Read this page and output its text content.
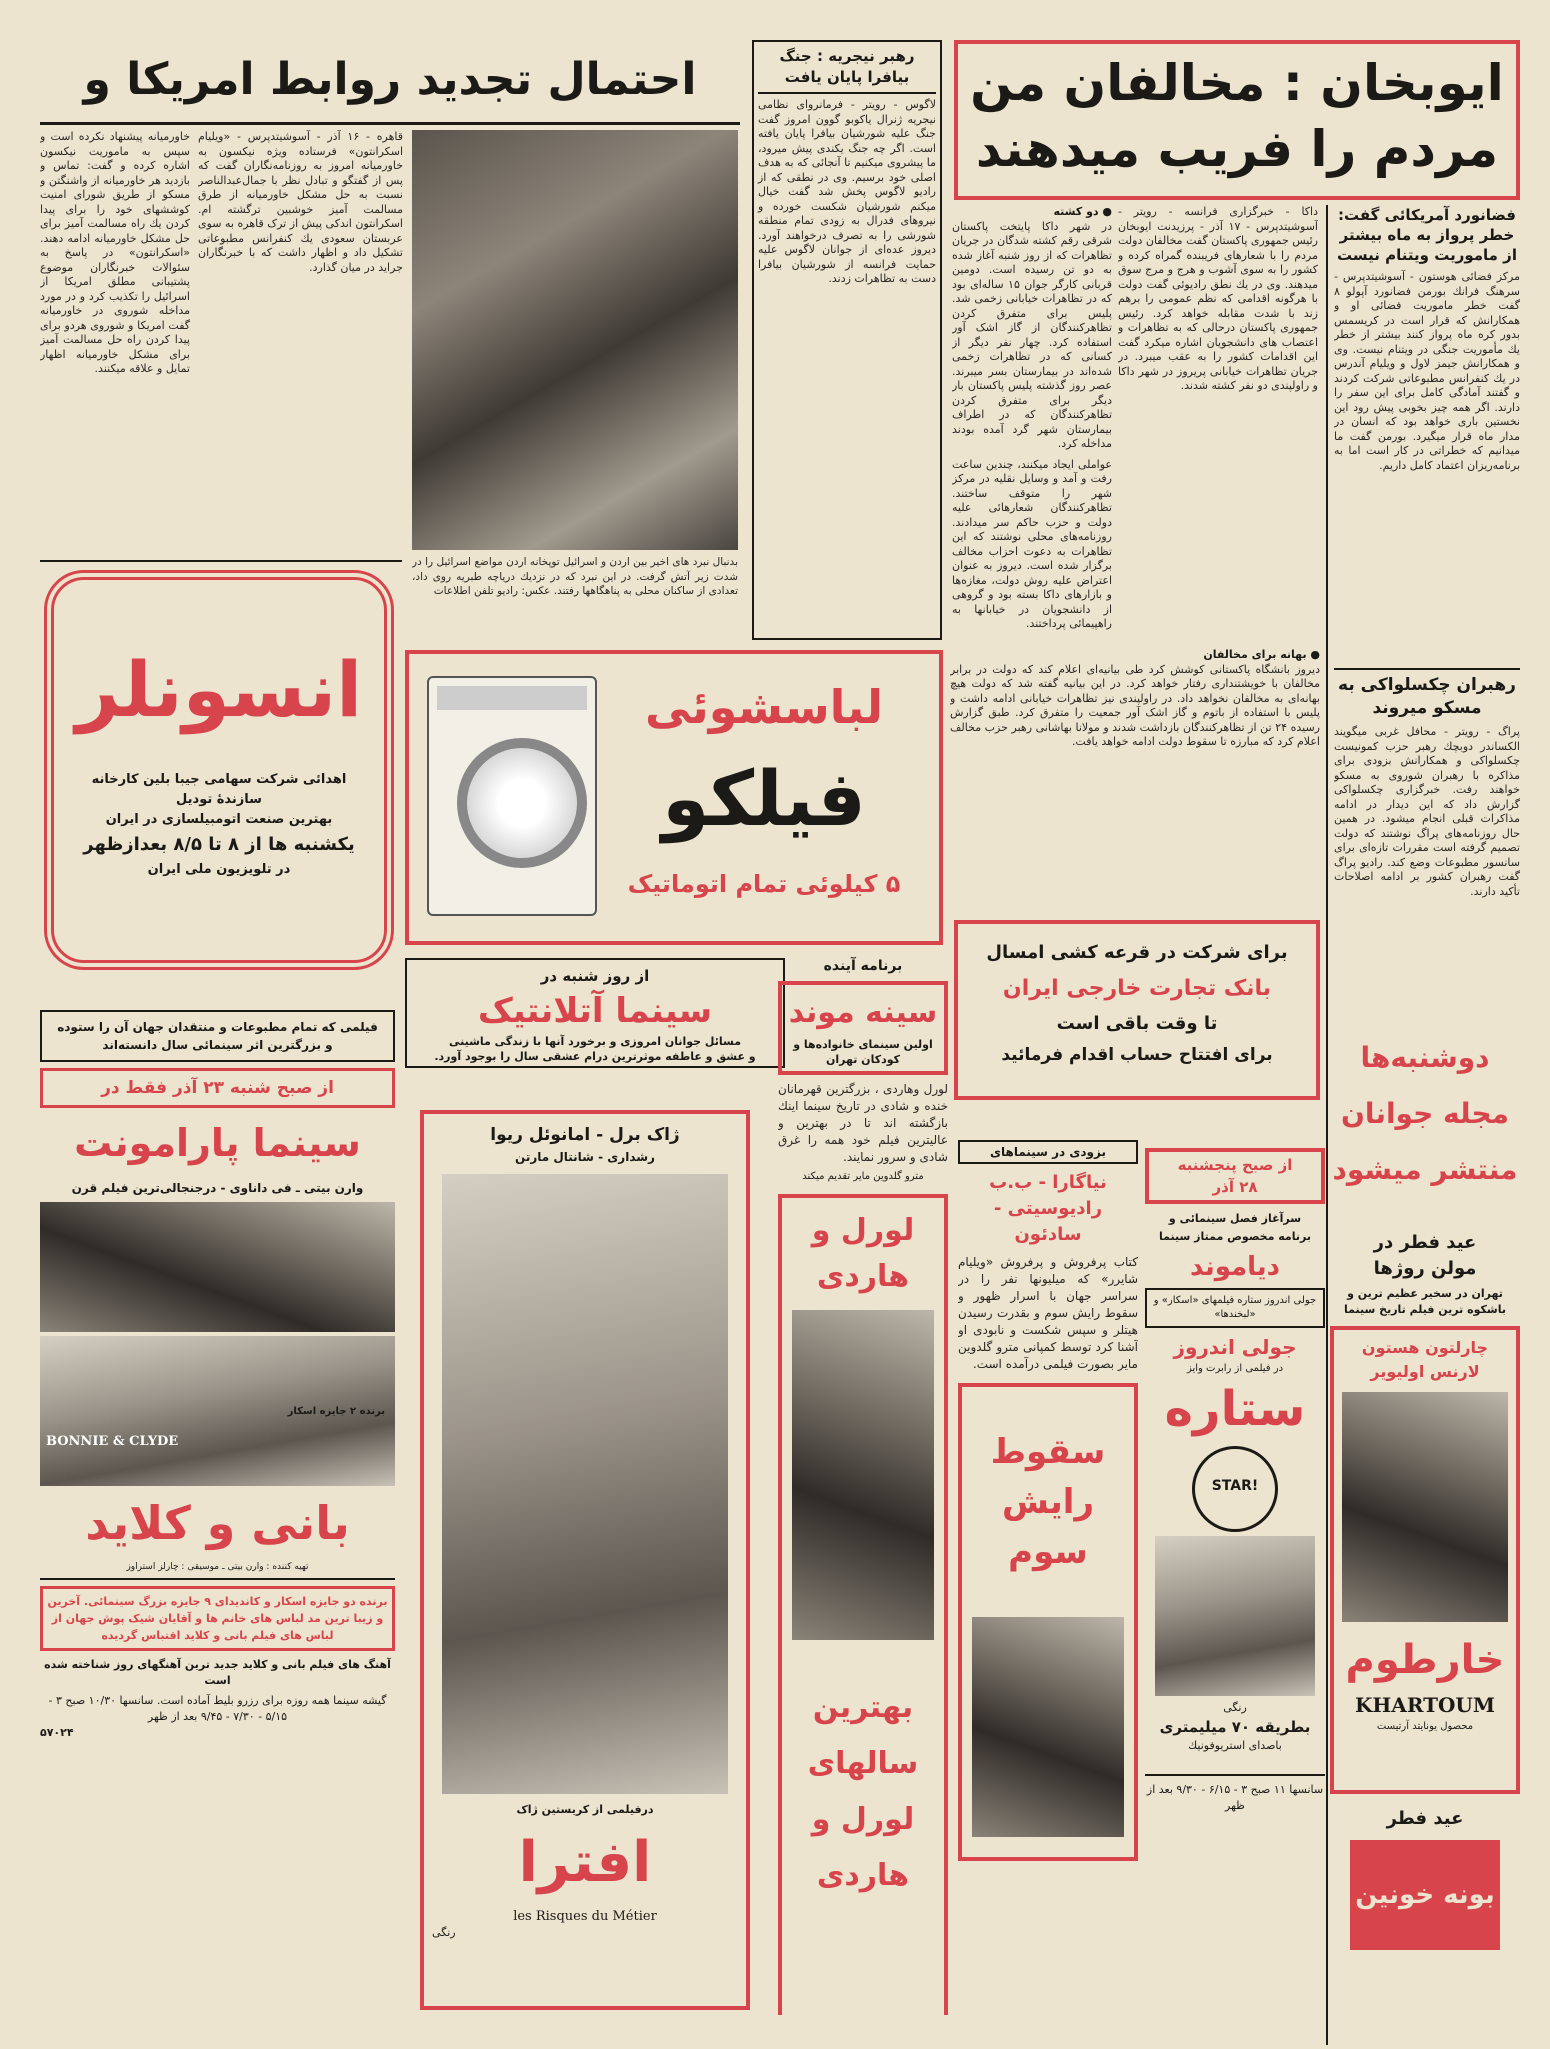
ایوبخان : مخالفان من
مردم را فریب میدهند
احتمال تجدید روابط امریکا و
خاورمیانه پیشنهاد نکرده است و سپس به ماموریت نیکسون اشاره کرده و گفت: تماس و بازدید هر خاورمیانه از واشنگتن و مسکو از طریق شورای امنیت کوششهای خود را برای پیدا کردن یك راه مسالمت آمیز برای حل مشکل خاورمیانه ادامه دهند. «اسکرانتون» در پاسخ به سئوالات خبرنگاران موضوع پشتیبانی مطلق امریکا از اسرائیل را تکذیب کرد و در مورد مداخله شوروی در خاورمیانه گفت امریکا و شوروی هردو برای پیدا کردن راه حل مسالمت آمیز برای مشکل خاورمیانه اظهار تمایل و علاقه میکنند.
قاهره - ۱۶ آذر - آسوشیتدپرس - «ویلیام اسکرانتون» فرستاده ویژه نیکسون به خاورمیانه امروز به روزنامه‌نگاران گفت که پس از گفتگو و تبادل نظر با جمال‌عبدالناصر نسبت به حل مشکل خاورمیانه از طرق مسالمت آمیز خوشبین ترگشته ام. اسکرانتون اندکی پیش از ترک قاهره به سوی عربستان سعودی یك کنفرانس مطبوعاتی تشکیل داد و اظهار داشت که با خبرنگاران جراید در میان گذارد.
بدنبال نبرد های اخیر بین اردن و اسرائیل توپخانه اردن مواضع اسرائیل را در شدت زیر آتش گرفت. در این نبرد که در نزدیك دریاچه طبریه روی داد، تعدادی از ساکنان محلی به پناهگاهها رفتند. عکس: رادیو تلفن اطلاعات
رهبر نیجریه : جنگ بیافرا پایان یافت

لاگوس - رویتر - فرمانروای نظامی نیجریه ژنرال یاکوبو گوون امروز گفت جنگ علیه شورشیان بیافرا پایان یافته است. اگر چه جنگ یکندی پیش میرود، ما پیشروی میکنیم تا آنجائی که به هدف اصلی خود برسیم. وی در نطقی که از رادیو لاگوس پخش شد گفت خیال میکنم شورشیان شکست خورده و نیروهای فدرال به زودی تمام منطقه شورشی را به تصرف درخواهند آورد. دیروز عده‌ای از جوانان لاگوس علیه حمایت فرانسه از شورشیان بیافرا دست به تظاهرات زدند.

● دو کشته

در شهر داکا پایتخت پاکستان شرقی رقم کشته شدگان در جریان تظاهرات که از روز شنبه آغاز شده به دو تن رسیده است. دومین قربانی کارگر جوان ۱۵ ساله‌ای بود که در تظاهرات خیابانی زخمی شد. پلیس برای متفرق کردن تظاهرکنندگان از گاز اشک آور استفاده کرد. چهار نفر دیگر از کسانی که در تظاهرات زخمی شده‌اند در بیمارستان بسر میبرند. عصر روز گذشته پلیس پاکستان بار دیگر برای متفرق کردن تظاهرکنندگان که در اطراف بیمارستان شهر گرد آمده بودند مداخله کرد.

عواملی ایجاد میکنند، چندین ساعت رفت و آمد و وسایل نقلیه در مرکز شهر را متوقف ساختند. تظاهرکنندگان شعارهائی علیه دولت و حزب حاکم سر میدادند. روزنامه‌های محلی نوشتند که این تظاهرات به دعوت احزاب مخالف برگزار شده است. دیروز به عنوان اعتراض علیه روش دولت، مغازه‌ها و بازارهای داکا بسته بود و گروهی از دانشجویان در خیابانها به راهپیمائی پرداختند.

داکا - خبرگزاری فرانسه - رویتر - آسوشیتدپرس - ۱۷ آذر - پرزیدنت ایوبخان رئیس جمهوری پاکستان گفت مخالفان دولت مردم را با شعارهای فریبنده گمراه کرده و کشور را به سوی آشوب و هرج و مرج سوق میدهند. وی در یك نطق رادیوئی گفت دولت با هرگونه اقدامی که نظم عمومی را برهم زند با شدت مقابله خواهد کرد. رئیس جمهوری پاکستان درحالی که به تظاهرات و اعتصاب های دانشجویان اشاره میکرد گفت این اقدامات کشور را به عقب میبرد. در جریان تظاهرات خیابانی پریروز در شهر داکا و راولپندی دو نفر کشته شدند.

● بهانه برای مخالفان

دیروز بانشگاه پاکستانی کوشش کرد طی بیانیه‌ای اعلام کند که دولت در برابر مخالفان با خویشتنداری رفتار خواهد کرد. در این بیانیه گفته شد که دولت هیچ بهانه‌ای به مخالفان نخواهد داد. در راولپندی نیز تظاهرات خیابانی ادامه داشت و پلیس با استفاده از باتوم و گاز اشک آور جمعیت را متفرق کرد. طبق گزارش رسیده ۲۴ تن از تظاهرکنندگان بازداشت شدند و مولانا بهاشانی رهبر حزب مخالف اعلام کرد که مبارزه تا سقوط دولت ادامه خواهد یافت.

فضانورد آمریکائی گفت: خطر پرواز به ماه بیشتر از ماموریت ویتنام نیست

مرکز فضائی هوستون - آسوشیتدپرس - سرهنگ فرانك بورمن فضانورد آپولو ۸ گفت خطر ماموریت فضائی او و همکارانش که قرار است در کریسمس بدور کره ماه پرواز کنند بیشتر از خطر یك مأموریت جنگی در ویتنام نیست. وی و همکارانش جیمز لاول و ویلیام آندرس در یك کنفرانس مطبوعاتی شرکت کردند و گفتند آمادگی کامل برای این سفر را دارند. اگر همه چیز بخوبی پیش رود این نخستین باری خواهد بود که انسان در مدار ماه قرار میگیرد. بورمن گفت ما میدانیم که خطراتی در کار است اما به برنامه‌ریزان اعتماد کامل داریم.

رهبران چکسلواکی به مسکو میروند

پراگ - رویتر - محافل غربی میگویند الکساندر دوبچك رهبر حزب کمونیست چکسلواکی و همکارانش بزودی برای مذاکره با رهبران شوروی به مسکو خواهند رفت. خبرگزاری چکسلواکی گزارش داد که این دیدار در ادامه مذاکرات قبلی انجام میشود. در همین حال روزنامه‌های پراگ نوشتند که دولت تصمیم گرفته است مقررات تازه‌ای برای سانسور مطبوعات وضع کند. رادیو پراگ گفت رهبران کشور بر ادامه اصلاحات تأکید دارند.

انسونلر
اهدائی شرکت سهامی جیبا بلین کارخانه سازندۀ تودیل
بهترین صنعت اتومبیلسازی در ایران
یکشنبه ها از ۸ تا ۸/۵ بعدازظهر
در تلویزیون ملی ایران
لباسشوئی
فیلکو
۵ کیلوئی تمام اتوماتیک
برای شرکت در قرعه کشی امسال
بانک تجارت خارجی ایران
تا وقت باقی است
برای افتتاح حساب اقدام فرمائید	دوشنبه‌ها
مجله جوانان
منتشر میشود
فیلمی که تمام مطبوعات و منتقدان جهان آن را ستوده
و بزرگترین اثر سینمائی سال دانسته‌اند
از صبح شنبه ۲۳ آذر فقط در
سینما پارامونت
وارن بیتی ـ فی داناوی - درجنجالی‌ترین فیلم قرن
BONNIE & CLYDE
برنده ۲ جایزه اسکار
بانی و کلاید
تهیه کننده : وارن بیتی ـ موسیقی : چارلز استراوز
برنده دو جایزه اسکار و کاندیدای ۹ جایزه بزرگ سینمائی. آخرین و زیبا ترین مد لباس های خانم ها و آقایان شیک پوش جهان از لباس های فیلم بانی و کلاید اقتباس گردیده
آهنگ های فیلم بانی و کلاید جدید ترین آهنگهای روز شناخته شده است
گیشه سینما همه روزه برای رزرو بلیط آماده است. سانسها ۱۰/۳۰ صبح ۳ - ۵/۱۵ - ۷/۳۰ - ۹/۴۵ بعد از ظهر
۵۷۰۲۴
از روز شنبه در
سینما آتلانتیک
مسائل جوانان امروزی و برخورد آنها با زندگی ماشینی
و عشق و عاطفه موثرترین درام عشقی سال را بوجود آورد.
ژاک برل - امانوئل ریوا
رشداری - شانتال مارتن
درفیلمی از کریستین ژاک
افترا
les Risques du Métier
رنگی
برنامه آینده
سینه موند
اولین سینمای خانواده‌ها و کودکان تهران
لورل وهاردی ، بزرگترین قهرمانان خنده و شادی در تاریخ سینما اینك بازگشته اند تا در بهترین و عالیترین فیلم خود همه را غرق شادی و سرور نمایند.
مترو گلدوین مایر تقدیم میکند
لورل و هاردی
بهترین سالهای لورل و هاردی
بزودی در سینماهای
نیاگارا - ب.ب رادیوسیتی - سادئون
کتاب پرفروش و پرفروش «ویلیام شایرر» که میلیونها نفر را در سراسر جهان با اسرار ظهور و سقوط رایش سوم و بقدرت رسیدن هیتلر و سپس شکست و نابودی او آشنا کرد توسط کمپانی مترو گلدوین مایر بصورت فیلمی درآمده است.
سقوط رایش سوم
از صبح پنجشنبه
۲۸ آذر
سرآغاز فصل سینمائی و
برنامه مخصوص ممتاز سینما
دیاموند
جولی اندروز ستاره فیلمهای «اسکار» و «لبخندها»
جولی اندروز
در فیلمی از رابرت وایز
ستاره
STAR!
رنگی
بطریقه ۷۰ میلیمتری
باصدای استریوفونیك
سانسها ۱۱ صبح ۳ - ۶/۱۵ - ۹/۳۰ بعد از ظهر
عید فطر در
مولن روژها
تهران در سخیر عظیم ترین و باشکوه ترین فیلم تاریخ سینما
چارلتون هستون
لارنس اولیویر
خارطوم
KHARTOUM
محصول یونایتد آرتیست
عید فطر
بونه خونین
